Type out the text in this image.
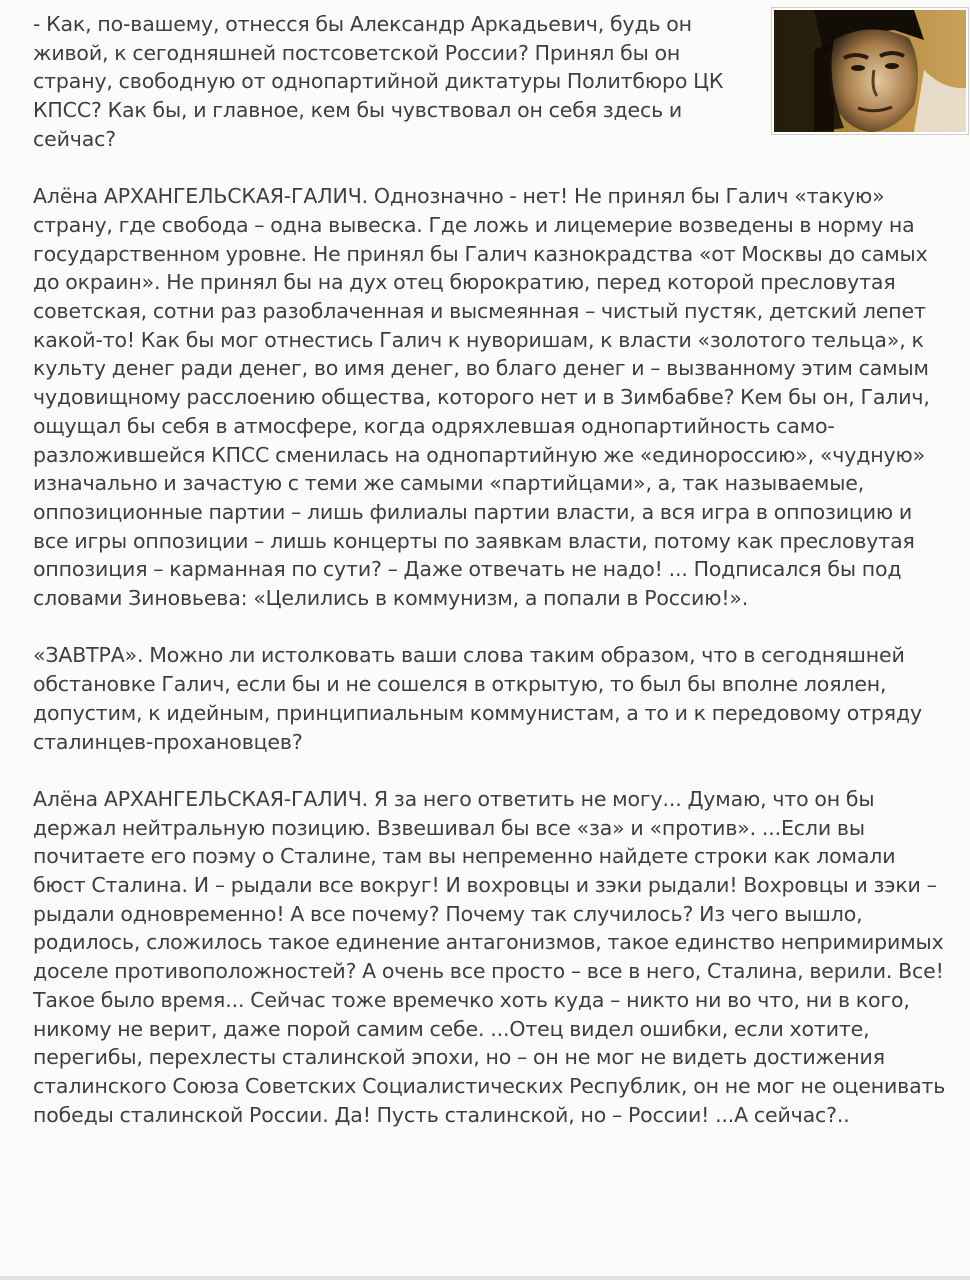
- Как, по-вашему, отнесся бы Александр Аркадьевич, будь он живой, к сегодняшней постсоветской России? Принял бы он страну, свободную от однопартийной диктатуры Политбюро ЦК КПСС? Как бы, и главное, кем бы чувствовал он себя здесь и сейчас?

Алёна АРХАНГЕЛЬСКАЯ-ГАЛИЧ. Однозначно - нет! Не принял бы Галич «такую» страну, где свобода – одна вывеска. Где ложь и лицемерие возведены в норму на государственном уровне. Не принял бы Галич казнокрадства «от Москвы до самых до окраин». Не принял бы на дух отец бюрократию, перед которой пресловутая советская, сотни раз разоблаченная и высмеянная – чистый пустяк, детский лепет какой-то! Как бы мог отнестись Галич к нуворишам, к власти «золотого тельца», к культу денег ради денег, во имя денег, во благо денег и – вызванному этим самым чудовищному расслоению общества, которого нет и в Зимбабве? Кем бы он, Галич, ощущал бы себя в атмосфере, когда одряхлевшая однопартийность само-разложившейся КПСС сменилась на однопартийную же «единороссию», «чудную» изначально и зачастую с теми же самыми «партийцами», а, так называемые, оппозиционные партии – лишь филиалы партии власти, а вся игра в оппозицию и все игры оппозиции – лишь концерты по заявкам власти, потому как пресловутая оппозиция – карманная по сути? – Даже отвечать не надо! ... Подписался бы под словами Зиновьева: «Целились в коммунизм, а попали в Россию!».

«ЗАВТРА». Можно ли истолковать ваши слова таким образом, что в сегодняшней обстановке Галич, если бы и не сошелся в открытую, то был бы вполне лоялен, допустим, к идейным, принципиальным коммунистам, а то и к передовому отряду сталинцев-прохановцев?

Алёна АРХАНГЕЛЬСКАЯ-ГАЛИЧ. Я за него ответить не могу... Думаю, что он бы держал нейтральную позицию. Взвешивал бы все «за» и «против». ...Если вы почитаете его поэму о Сталине, там вы непременно найдете строки как ломали бюст Сталина. И – рыдали все вокруг! И вохровцы и зэки рыдали! Вохровцы и зэки – рыдали одновременно! А все почему? Почему так случилось? Из чего вышло, родилось, сложилось такое единение антагонизмов, такое единство непримиримых доселе противоположностей? А очень все просто – все в него, Сталина, верили. Все! Такое было время... Сейчас тоже времечко хоть куда – никто ни во что, ни в кого, никому не верит, даже порой самим себе. ...Отец видел ошибки, если хотите, перегибы, перехлесты сталинской эпохи, но – он не мог не видеть достижения сталинского Союза Советских Социалистических Республик, он не мог не оценивать победы сталинской России. Да! Пусть сталинской, но – России! ...А сейчас?..
